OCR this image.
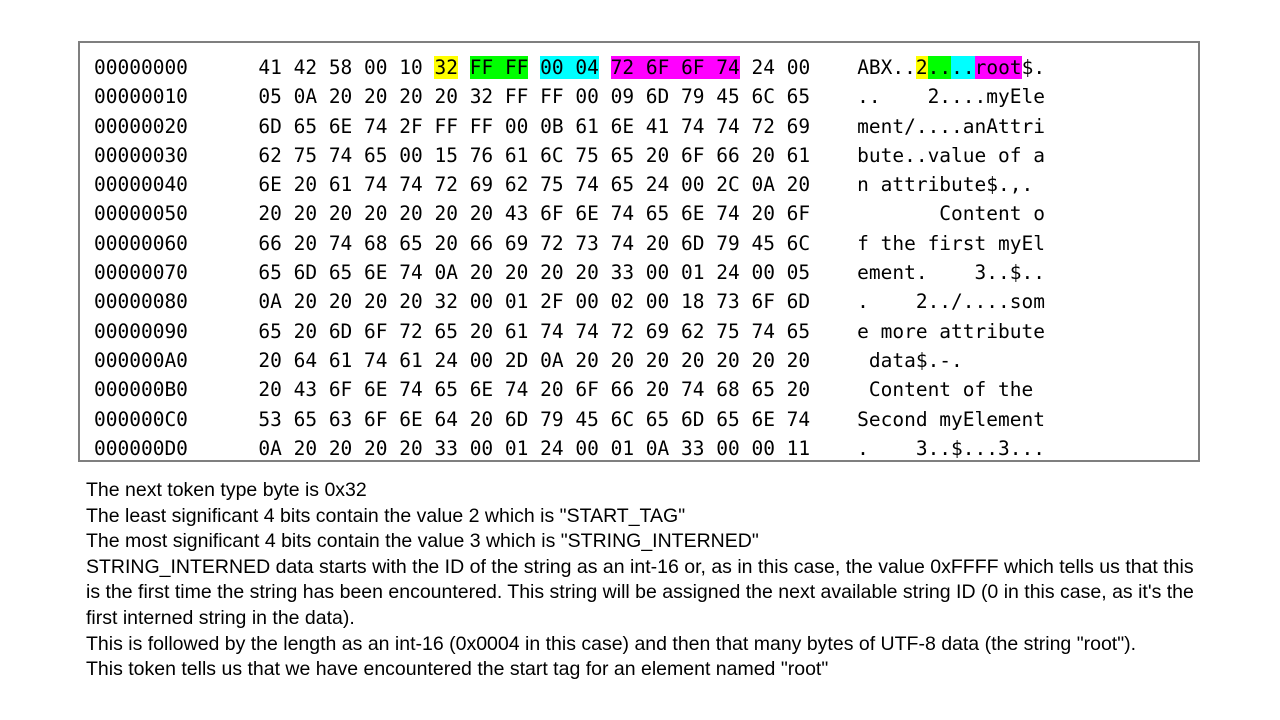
00000000	41 42 58 00 10 32 FF FF 00 04 72 6F 6F 74 24 00 ABX..2....root$.
00000010	05 0A 20 20 20 20 32 FF FF 00 09 6D 79 45 6C 65 ..    2....myEle
00000020	6D 65 6E 74 2F FF FF 00 0B 61 6E 41 74 74 72 69 ment/....anAttri
00000030	62 75 74 65 00 15 76 61 6C 75 65 20 6F 66 20 61 bute..value of a
00000040	6E 20 61 74 74 72 69 62 75 74 65 24 00 2C 0A 20 n attribute$.,.
00000050	20 20 20 20 20 20 20 43 6F 6E 74 65 6E 74 20 6F           Content o
00000060	66 20 74 68 65 20 66 69 72 73 74 20 6D 79 45 6C f the first myEl
00000070	65 6D 65 6E 74 0A 20 20 20 20 33 00 01 24 00 05 ement.    3..$..
00000080	0A 20 20 20 20 32 00 01 2F 00 02 00 18 73 6F 6D .    2../....som
00000090	65 20 6D 6F 72 65 20 61 74 74 72 69 62 75 74 65 e more attribute
000000A0	20 64 61 74 61 24 00 2D 0A 20 20 20 20 20 20 20     data$.-.
000000B0	20 43 6F 6E 74 65 6E 74 20 6F 66 20 74 68 65 20     Content of the
000000C0	53 65 63 6F 6E 64 20 6D 79 45 6C 65 6D 65 6E 74 Second myElement
000000D0	0A 20 20 20 20 33 00 01 24 00 01 0A 33 00 00 11 .    3..$...3...
The next token type byte is 0x32
The least significant 4 bits contain the value 2 which is "START_TAG"
The most significant 4 bits contain the value 3 which is "STRING_INTERNED"
STRING_INTERNED data starts with the ID of the string as an int-16 or, as in this case, the value 0xFFFF which tells us that this is the first time the string has been encountered. This string will be assigned the next available string ID (0 in this case, as it's the first interned string in the data).
This is followed by the length as an int-16 (0x0004 in this case) and then that many bytes of UTF-8 data (the string "root").
This token tells us that we have encountered the start tag for an element named "root"
